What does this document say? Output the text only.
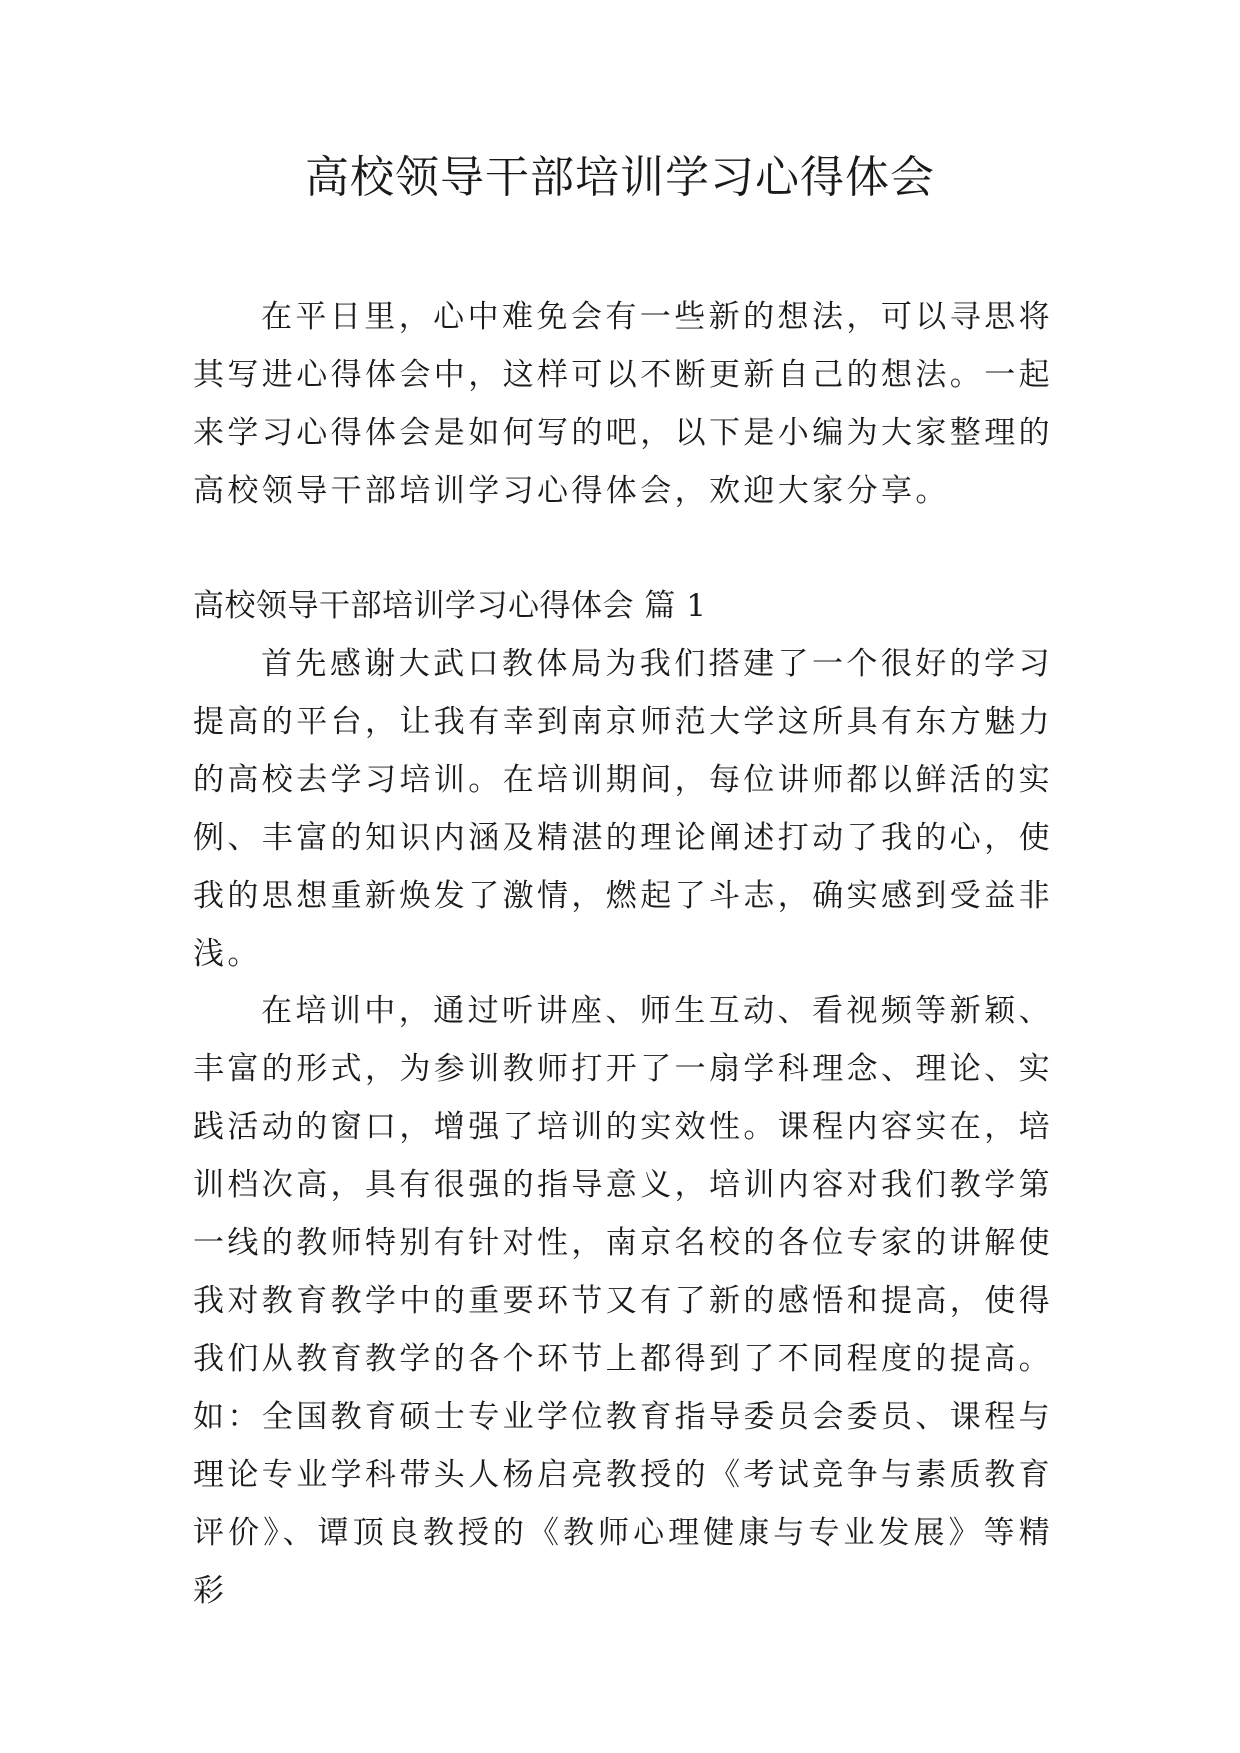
高校领导干部培训学习心得体会

在平日里，心中难免会有一些新的想法，可以寻思将其写进心得体会中，这样可以不断更新自己的想法。一起来学习心得体会是如何写的吧，以下是小编为大家整理的高校领导干部培训学习心得体会，欢迎大家分享。

高校领导干部培训学习心得体会 篇 1

首先感谢大武口教体局为我们搭建了一个很好的学习提高的平台，让我有幸到南京师范大学这所具有东方魅力的高校去学习培训。在培训期间，每位讲师都以鲜活的实例、丰富的知识内涵及精湛的理论阐述打动了我的心，使我的思想重新焕发了激情，燃起了斗志，确实感到受益非浅。

在培训中，通过听讲座、师生互动、看视频等新颖、丰富的形式，为参训教师打开了一扇学科理念、理论、实践活动的窗口，增强了培训的实效性。课程内容实在，培训档次高，具有很强的指导意义，培训内容对我们教学第一线的教师特别有针对性，南京名校的各位专家的讲解使我对教育教学中的重要环节又有了新的感悟和提高，使得我们从教育教学的各个环节上都得到了不同程度的提高。如：全国教育硕士专业学位教育指导委员会委员、课程与理论专业学科带头人杨启亮教授的《考试竞争与素质教育评价》、谭顶良教授的《教师心理健康与专业发展》等精彩
